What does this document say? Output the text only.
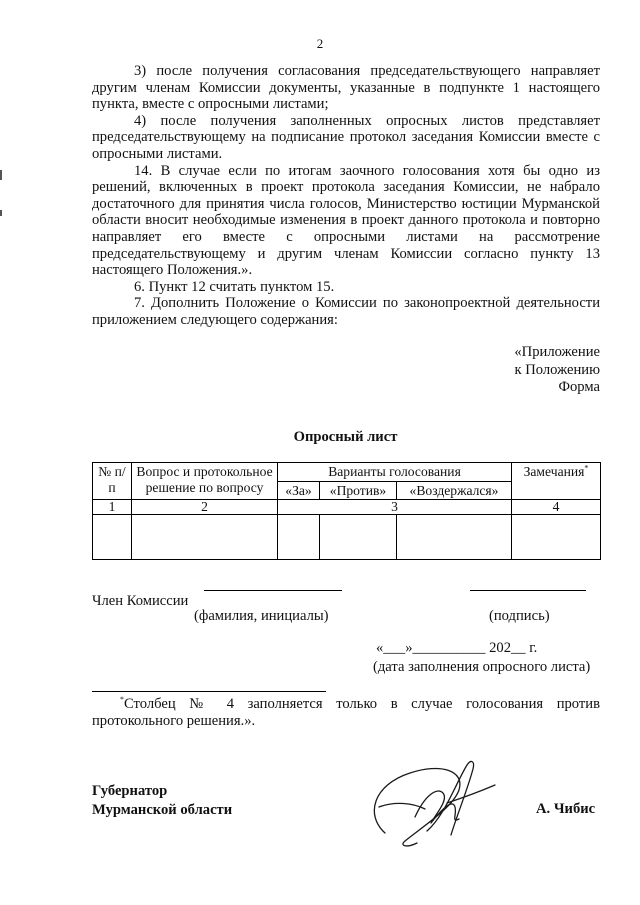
2

3) после получения согласования председательствующего направляет другим членам Комиссии документы, указанные в подпункте 1 настоящего пункта, вместе с опросными листами;

4) после получения заполненных опросных листов представляет председательствующему на подписание протокол заседания Комиссии вместе с опросными листами.

14. В случае если по итогам заочного голосования хотя бы одно из решений, включенных в проект протокола заседания Комиссии, не набрало достаточного для принятия числа голосов, Министерство юстиции Мурманской области вносит необходимые изменения в проект данного протокола и повторно направляет его вместе с опросными листами на рассмотрение председательствующему и другим членам Комиссии согласно пункту 13 настоящего Положения.».

6. Пункт 12 считать пунктом 15.

7. Дополнить Положение о Комиссии по законопроектной деятельности приложением следующего содержания:

«Приложение
к Положению
Форма
Опросный лист
№ п/п	Вопрос и протокольное решение по вопросу	Варианты голосования			Замечания*
		«За»	«Против»	«Воздержался»	
1	2	3			4

Член Комиссии
(фамилия, инициалы)	(подпись)
«___»__________ 202__ г.
(дата заполнения опросного листа)

*Столбец № 4 заполняется только в случае голосования против протокольного решения.».

Губернатор
Мурманской области	А. Чибис
